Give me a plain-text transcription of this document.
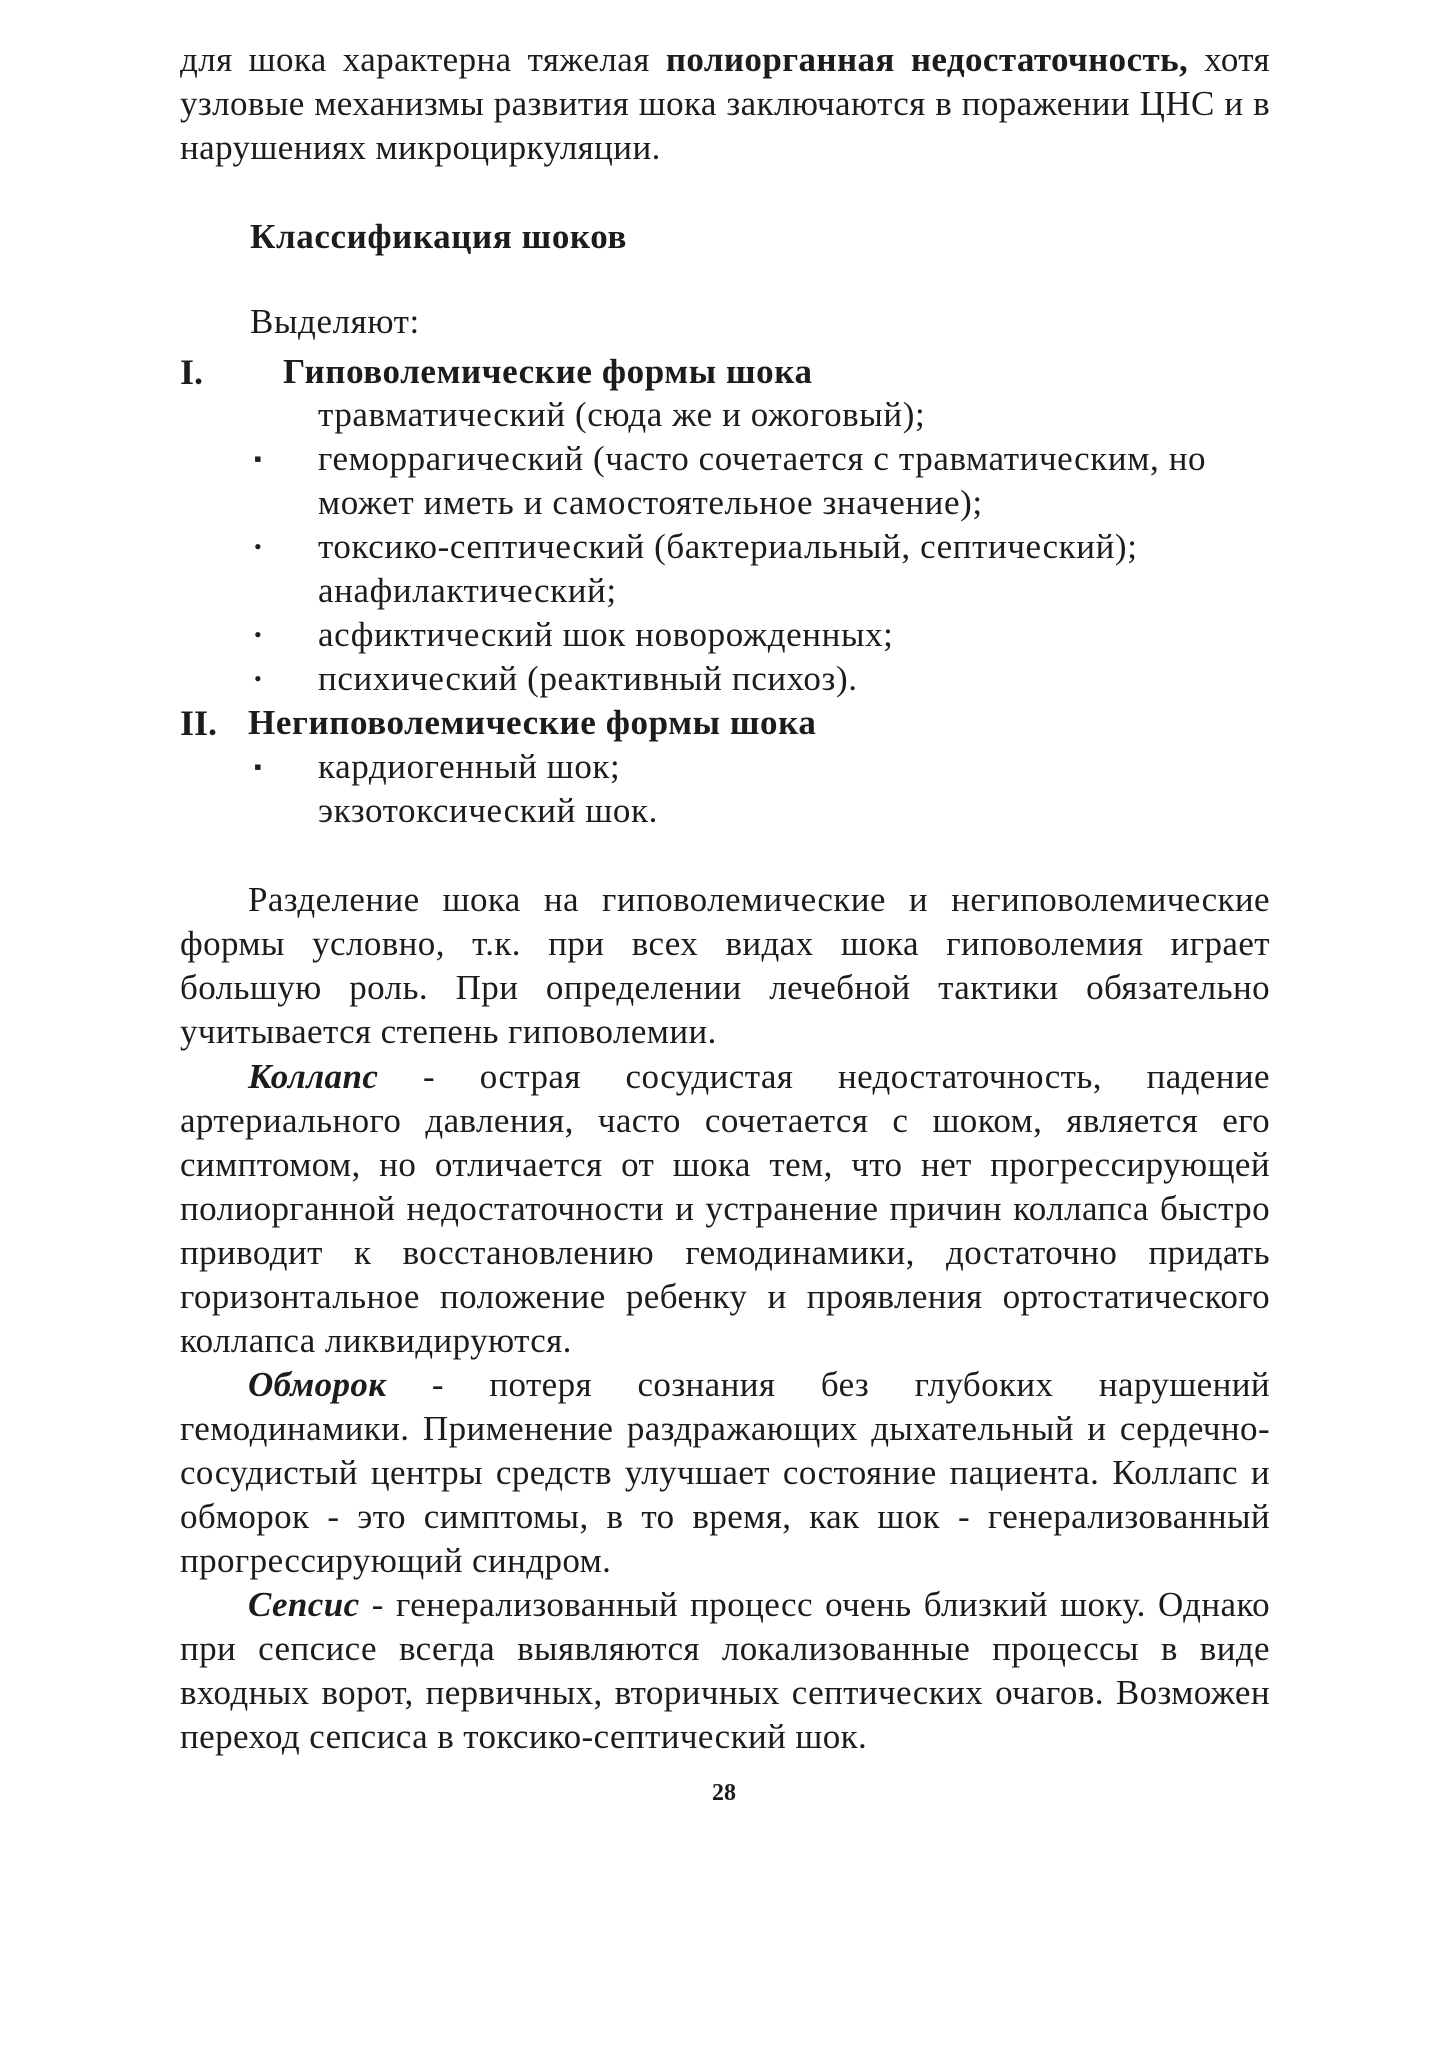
для шока характерна тяжелая полиорганная недостаточность, хотя узловые механизмы развития шока заключаются в поражении ЦНС и в нарушениях микроциркуляции.
Классификация шоков
Выделяют:
I. Гиповолемические формы шока
травматический (сюда же и ожоговый);
▪ геморрагический (часто сочетается с травматическим, но
может иметь и самостоятельное значение);
• токсико-септический (бактериальный, септический);
анафилактический;
• асфиктический шок новорожденных;
• психический (реактивный психоз).
II. Негиповолемические формы шока
▪ кардиогенный шок;
экзотоксический шок.
Разделение шока на гиповолемические и негиповолемические формы условно, т.к. при всех видах шока гиповолемия играет большую роль. При определении лечебной тактики обязательно учитывается степень гиповолемии.
Коллапс - острая сосудистая недостаточность, падение артериального давления, часто сочетается с шоком, является его симптомом, но отличается от шока тем, что нет прогрессирующей полиорганной недостаточности и устранение причин коллапса быстро приводит к восстановлению гемодинамики, достаточно придать горизонтальное положение ребенку и проявления ортостатического коллапса ликвидируются.
Обморок - потеря сознания без глубоких нарушений гемодинамики. Применение раздражающих дыхательный и сердечно-сосудистый центры средств улучшает состояние пациента. Коллапс и обморок - это симптомы, в то время, как шок - генерализованный прогрессирующий синдром.
Сепсис - генерализованный процесс очень близкий шоку. Однако при сепсисе всегда выявляются локализованные процессы в виде входных ворот, первичных, вторичных септических очагов. Возможен переход сепсиса в токсико-септический шок.
28
